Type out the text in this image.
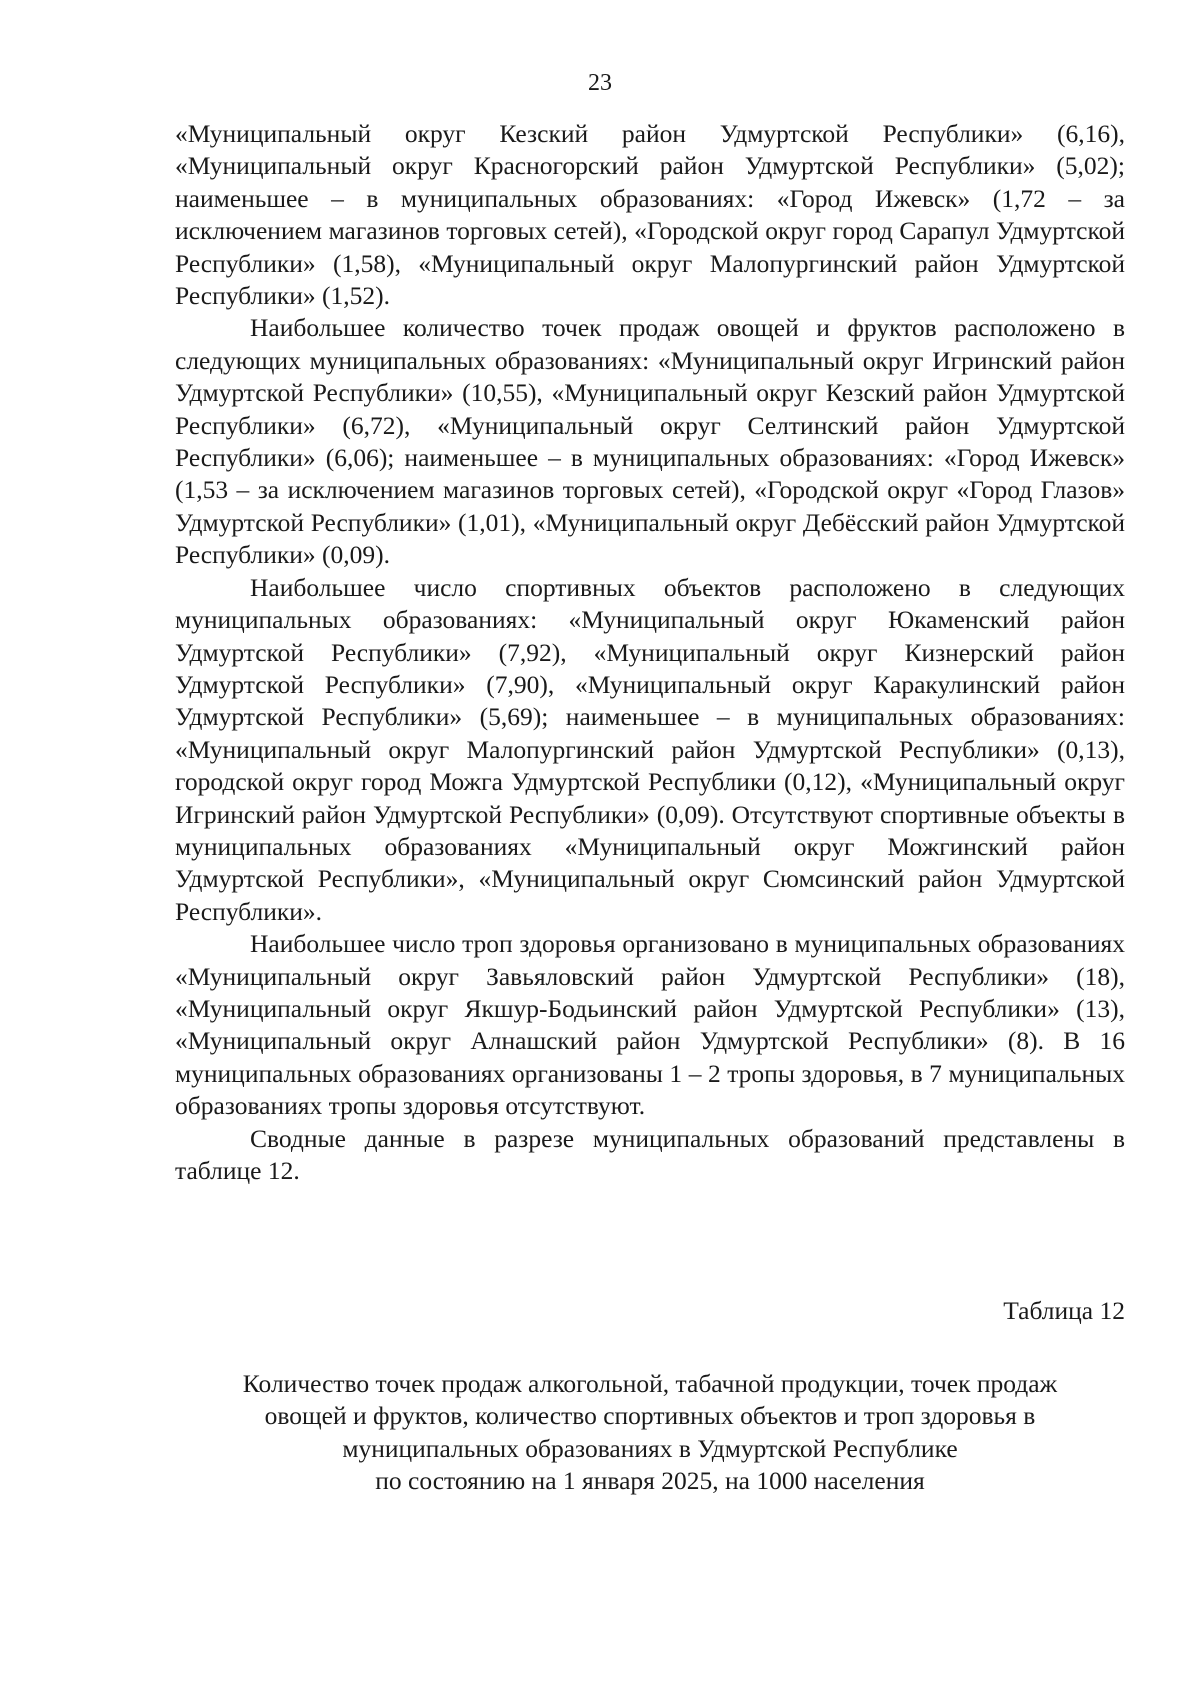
23

«Муниципальный округ Кезский район Удмуртской Республики» (6,16), «Муниципальный округ Красногорский район Удмуртской Республики» (5,02); наименьшее – в муниципальных образованиях: «Город Ижевск» (1,72 – за исключением магазинов торговых сетей), «Городской округ город Сарапул Удмуртской Республики» (1,58), «Муниципальный округ Малопургинский район Удмуртской Республики» (1,52).

Наибольшее количество точек продаж овощей и фруктов расположено в следующих муниципальных образованиях: «Муниципальный округ Игринский район Удмуртской Республики» (10,55), «Муниципальный округ Кезский район Удмуртской Республики» (6,72), «Муниципальный округ Селтинский район Удмуртской Республики» (6,06); наименьшее – в муниципальных образованиях: «Город Ижевск» (1,53 – за исключением магазинов торговых сетей), «Городской округ «Город Глазов» Удмуртской Республики» (1,01), «Муниципальный округ Дебёсский район Удмуртской Республики» (0,09).

Наибольшее число спортивных объектов расположено в следующих муниципальных образованиях: «Муниципальный округ Юкаменский район Удмуртской Республики» (7,92), «Муниципальный округ Кизнерский район Удмуртской Республики» (7,90), «Муниципальный округ Каракулинский район Удмуртской Республики» (5,69); наименьшее – в муниципальных образованиях: «Муниципальный округ Малопургинский район Удмуртской Республики» (0,13), городской округ город Можга Удмуртской Республики (0,12), «Муниципальный округ Игринский район Удмуртской Республики» (0,09). Отсутствуют спортивные объекты в муниципальных образованиях «Муниципальный округ Можгинский район Удмуртской Республики», «Муниципальный округ Сюмсинский район Удмуртской Республики».

Наибольшее число троп здоровья организовано в муниципальных образованиях «Муниципальный округ Завьяловский район Удмуртской Республики» (18), «Муниципальный округ Якшур-Бодьинский район Удмуртской Республики» (13), «Муниципальный округ Алнашский район Удмуртской Республики» (8). В 16 муниципальных образованиях организованы 1 – 2 тропы здоровья, в 7 муниципальных образованиях тропы здоровья отсутствуют.

Сводные данные в разрезе муниципальных образований представлены в таблице 12.

Таблица 12
Количество точек продаж алкогольной, табачной продукции, точек продаж
овощей и фруктов, количество спортивных объектов и троп здоровья в
муниципальных образованиях в Удмуртской Республике
по состоянию на 1 января 2025, на 1000 населения
